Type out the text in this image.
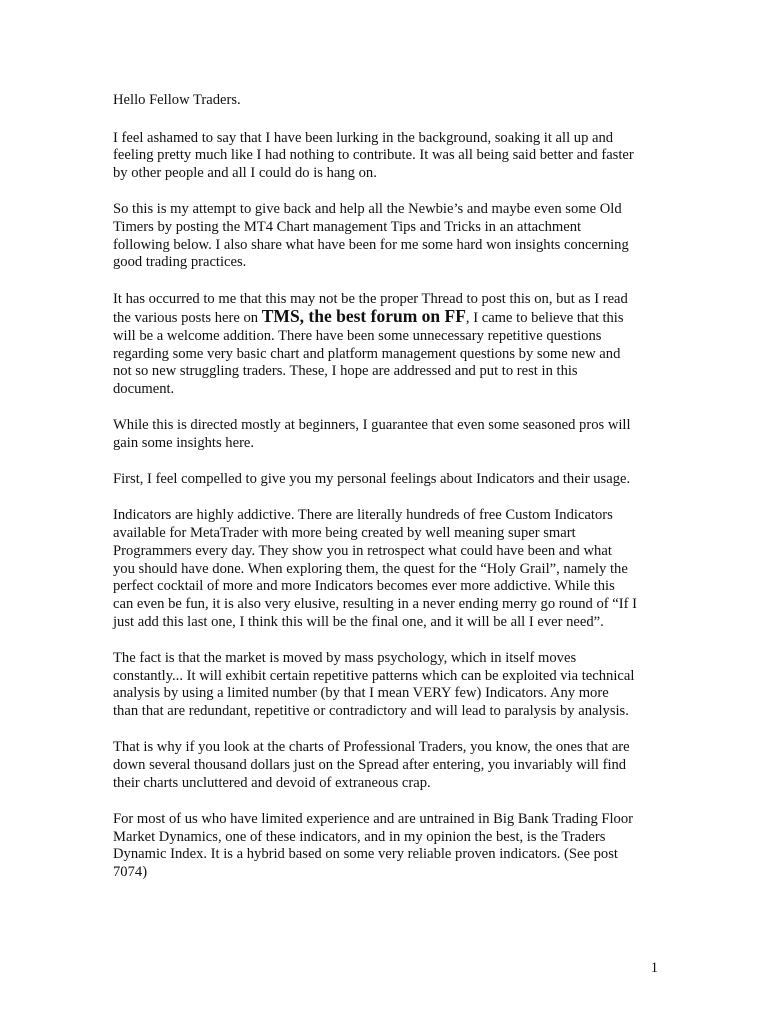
Hello Fellow Traders.

I feel ashamed to say that I have been lurking in the background, soaking it all up and
feeling pretty much like I had nothing to contribute. It was all being said better and faster
by other people and all I could do is hang on.

So this is my attempt to give back and help all the Newbie’s and maybe even some Old
Timers by posting the MT4 Chart management Tips and Tricks in an attachment
following below. I also share what have been for me some hard won insights concerning
good trading practices.

It has occurred to me that this may not be the proper Thread to post this on, but as I read
the various posts here on TMS, the best forum on FF, I came to believe that this
will be a welcome addition. There have been some unnecessary repetitive questions
regarding some very basic chart and platform management questions by some new and
not so new struggling traders. These, I hope are addressed and put to rest in this
document.

While this is directed mostly at beginners, I guarantee that even some seasoned pros will
gain some insights here.

First, I feel compelled to give you my personal feelings about Indicators and their usage.

Indicators are highly addictive. There are literally hundreds of free Custom Indicators
available for MetaTrader with more being created by well meaning super smart
Programmers every day. They show you in retrospect what could have been and what
you should have done. When exploring them, the quest for the “Holy Grail”, namely the
perfect cocktail of more and more Indicators becomes ever more addictive. While this
can even be fun, it is also very elusive, resulting in a never ending merry go round of “If I
just add this last one, I think this will be the final one, and it will be all I ever need”.

The fact is that the market is moved by mass psychology, which in itself moves
constantly... It will exhibit certain repetitive patterns which can be exploited via technical
analysis by using a limited number (by that I mean VERY few) Indicators. Any more
than that are redundant, repetitive or contradictory and will lead to paralysis by analysis.

That is why if you look at the charts of Professional Traders, you know, the ones that are
down several thousand dollars just on the Spread after entering, you invariably will find
their charts uncluttered and devoid of extraneous crap.

For most of us who have limited experience and are untrained in Big Bank Trading Floor
Market Dynamics, one of these indicators, and in my opinion the best, is the Traders
Dynamic Index. It is a hybrid based on some very reliable proven indicators. (See post
7074)

1
